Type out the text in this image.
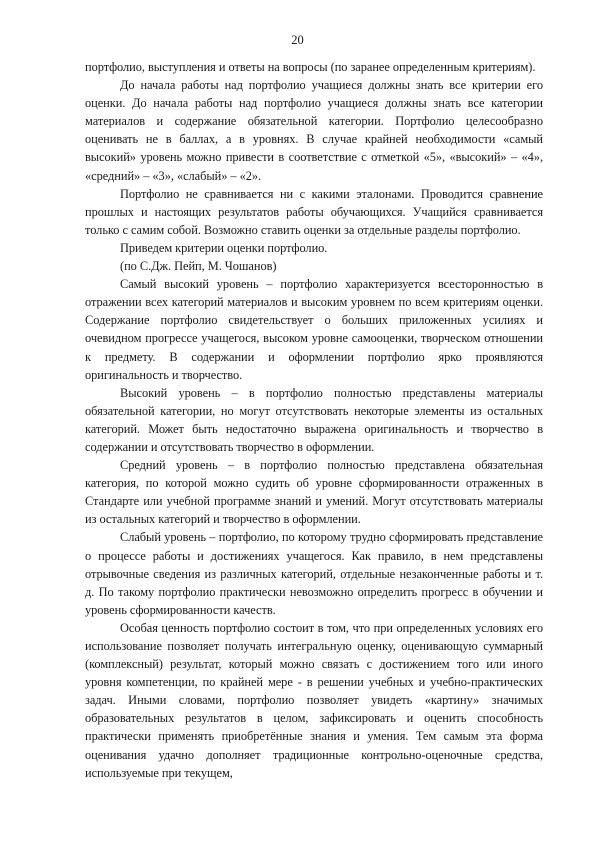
20

портфолио, выступления и ответы на вопросы (по заранее определенным критериям).

До начала работы над портфолио учащиеся должны знать все критерии его оценки. До начала работы над портфолио учащиеся должны знать все категории материалов и содержание обязательной категории. Портфолио целесообразно оценивать не в баллах, а в уровнях. В случае крайней необходимости «самый высокий» уровень можно привести в соответствие с отметкой «5», «высокий» – «4», «средний» – «3», «слабый» – «2».

Портфолио не сравнивается ни с какими эталонами. Проводится сравнение прошлых и настоящих результатов работы обучающихся. Учащийся сравнивается только с самим собой. Возможно ставить оценки за отдельные разделы портфолио.

Приведем критерии оценки портфолио.

(по С.Дж. Пейп, М. Чошанов)

Самый высокий уровень – портфолио характеризуется всесторонностью в отражении всех категорий материалов и высоким уровнем по всем критериям оценки. Содержание портфолио свидетельствует о больших приложенных усилиях и очевидном прогрессе учащегося, высоком уровне самооценки, творческом отношении к предмету. В содержании и оформлении портфолио ярко проявляются оригинальность и творчество.

Высокий уровень – в портфолио полностью представлены материалы обязательной категории, но могут отсутствовать некоторые элементы из остальных категорий. Может быть недостаточно выражена оригинальность и творчество в содержании и отсутствовать творчество в оформлении.

Средний уровень – в портфолио полностью представлена обязательная категория, по которой можно судить об уровне сформированности отраженных в Стандарте или учебной программе знаний и умений. Могут отсутствовать материалы из остальных категорий и творчество в оформлении.

Слабый уровень – портфолио, по которому трудно сформировать представление о процессе работы и достижениях учащегося. Как правило, в нем представлены отрывочные сведения из различных категорий, отдельные незаконченные работы и т. д. По такому портфолио практически невозможно определить прогресс в обучении и уровень сформированности качеств.

Особая ценность портфолио состоит в том, что при определенных условиях его использование позволяет получать интегральную оценку, оценивающую суммарный (комплексный) результат, который можно связать с достижением того или иного уровня компетенции, по крайней мере - в решении учебных и учебно-практических задач. Иными словами, портфолио позволяет увидеть «картину» значимых образовательных результатов в целом, зафиксировать и оценить способность практически применять приобретённые знания и умения. Тем самым эта форма оценивания удачно дополняет традиционные контрольно-оценочные средства, используемые при текущем,
